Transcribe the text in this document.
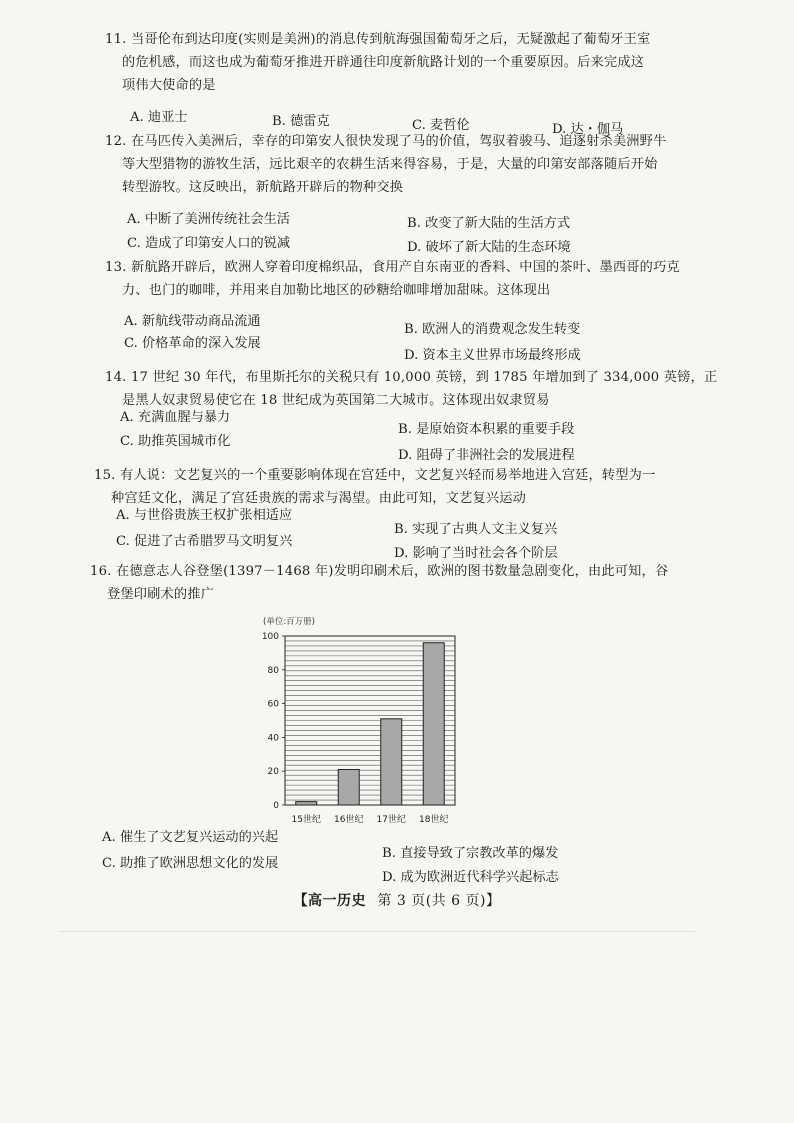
11. 当哥伦布到达印度(实则是美洲)的消息传到航海强国葡萄牙之后，无疑激起了葡萄牙王室
的危机感，而这也成为葡萄牙推进开辟通往印度新航路计划的一个重要原因。后来完成这
项伟大使命的是
A. 迪亚士	B. 德雷克	C. 麦哲伦	D. 达・伽马
12. 在马匹传入美洲后，幸存的印第安人很快发现了马的价值，驾驭着骏马、追逐射杀美洲野牛
等大型猎物的游牧生活，远比艰辛的农耕生活来得容易，于是，大量的印第安部落随后开始
转型游牧。这反映出，新航路开辟后的物种交换
A. 中断了美洲传统社会生活	B. 改变了新大陆的生活方式
C. 造成了印第安人口的锐减	D. 破坏了新大陆的生态环境
13. 新航路开辟后，欧洲人穿着印度棉织品，食用产自东南亚的香料、中国的茶叶、墨西哥的巧克
力、也门的咖啡，并用来自加勒比地区的砂糖给咖啡增加甜味。这体现出
A. 新航线带动商品流通
B. 欧洲人的消费观念发生转变
C. 价格革命的深入发展
D. 资本主义世界市场最终形成
14. 17 世纪 30 年代，布里斯托尔的关税只有 10,000 英镑，到 1785 年增加到了 334,000 英镑，正
是黑人奴隶贸易使它在 18 世纪成为英国第二大城市。这体现出奴隶贸易
A. 充满血腥与暴力
B. 是原始资本积累的重要手段
C. 助推英国城市化
D. 阻碍了非洲社会的发展进程
15. 有人说：文艺复兴的一个重要影响体现在宫廷中，文艺复兴轻而易举地进入宫廷，转型为一
种宫廷文化，满足了宫廷贵族的需求与渴望。由此可知，文艺复兴运动
A. 与世俗贵族王权扩张相适应
B. 实现了古典人文主义复兴
C. 促进了古希腊罗马文明复兴
D. 影响了当时社会各个阶层
16. 在德意志人谷登堡(1397－1468 年)发明印刷术后，欧洲的图书数量急剧变化，由此可知，谷
登堡印刷术的推广
(单位:百万册)
0
20
40
60
80
100
15世纪 16世纪 17世纪 18世纪
A. 催生了文艺复兴运动的兴起
B. 直接导致了宗教改革的爆发
C. 助推了欧洲思想文化的发展
D. 成为欧洲近代科学兴起标志
【高一历史 第 3 页(共 6 页)】
